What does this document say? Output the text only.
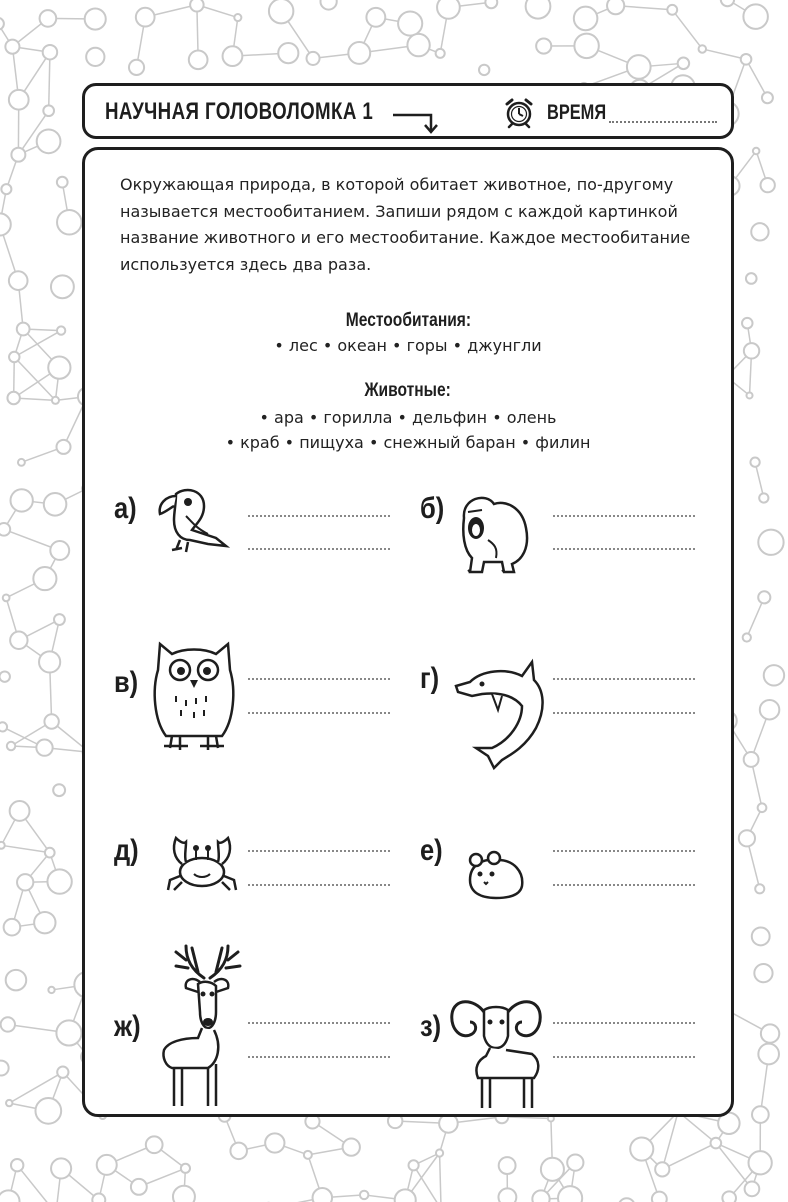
НАУЧНАЯ ГОЛОВОЛОМКА 1	ВРЕМЯ

Окружающая природа, в которой обитает животное, по-другому называется местообитанием. Запиши рядом с каждой картинкой название животного и его местообитание. Каждое местообитание используется здесь два раза.

Местообитания:
• лес • океан • горы • джунгли
Животные:
• ара • горилла • дельфин • олень
• краб • пищуха • снежный баран • филин
а)	б)
в)	г)
д)	е)
ж)	з)
